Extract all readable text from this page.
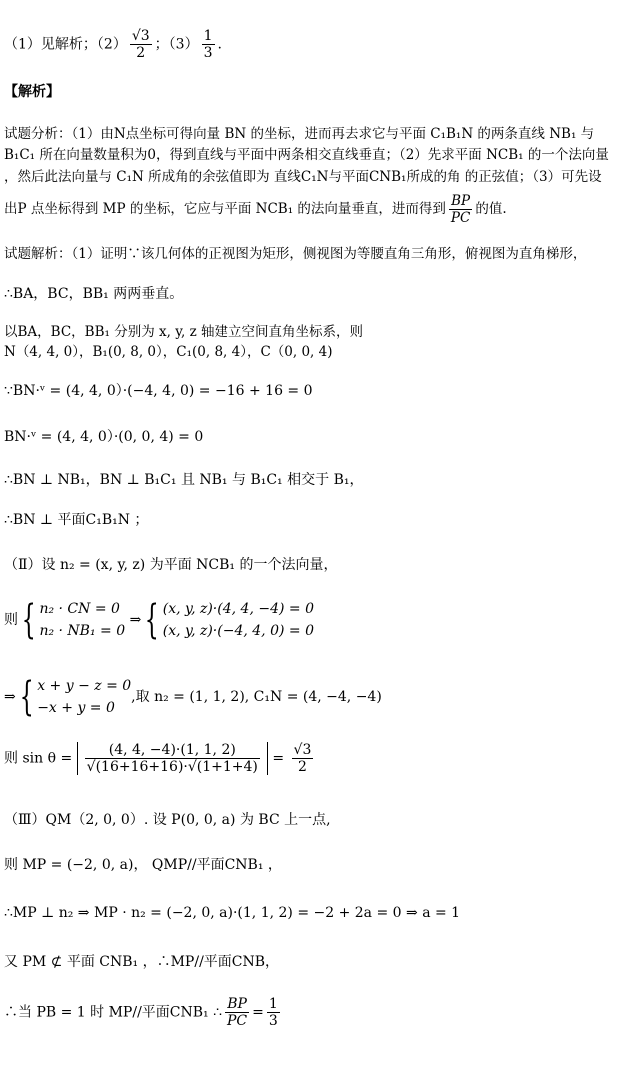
（1）见解析；$(2) \frac{√3}{2}$ ；$(3) \frac{1}{3}$ .
【解析】
试题分析：（1）由N点坐标可得向量 BN 的坐标，进而再去求它与平面 C₁B₁N 的两条直线 NB₁ 与
B₁C₁ 所在向量数量积为0，得到直线与平面中两条相交直线垂直；（2）先求平面 NCB₁ 的一个法向量
，然后此法向量与 C₁N 所成角的余弦值即为 直线C₁N与平面CNB₁所成的角 的正弦值；（3）可先设
出P 点坐标得到 MP 的坐标，它应与平面 NCB₁ 的法向量垂直，进而得到 $\frac{BP}{PC}$ 的值.
试题解析：（1）证明∵该几何体的正视图为矩形，侧视图为等腰直角三角形，俯视图为直角梯形，
∴BA，BC，BB₁ 两两垂直。
以BA，BC，BB₁ 分别为 x, y, z 轴建立空间直角坐标系，则
N（4, 4, 0），B₁(0, 8, 0），C₁(0, 8, 4），C（0, 0, 4)
∵BN·ᵛ = (4, 4, 0）·(−4, 4, 0) = −16 + 16 = 0
BN·ᵛ = (4, 4, 0）·(0, 0, 4) = 0
∴BN ⊥ NB₁，BN ⊥ B₁C₁ 且 NB₁ 与 B₁C₁ 相交于 B₁，
∴BN ⊥ 平面C₁B₁N ；
（Ⅱ）设 n₂ = (x, y, z) 为平面 NCB₁ 的一个法向量，
则{ n₂ · CN = 0
n₂ · NB₁ = 0
⇒{ (x, y, z)·(4, 4, −4) = 0
(x, y, z)·(−4, 4, 0) = 0
⇒{ x + y − z = 0
−x + y = 0
,取 n₂ = (1, 1, 2), C₁N = (4, −4, −4)
则 $\sin \theta = \frac{(4, 4, -4)\cdot(1, 1, 2)}{√(16+16+16)\cdot√(1+1+4)} = \frac{√3}{2}$
（Ⅲ）QM（2, 0, 0）. 设 P(0, 0, a) 为 BC 上一点,
则 MP = (−2, 0, a)， QMP//平面CNB₁ ，
∴MP ⊥ n₂ ⇒ MP · n₂ = (−2, 0, a)·(1, 1, 2) = −2 + 2a = 0 ⇒ a = 1
又 PM ⊄ 平面 CNB₁ ，∴MP//平面CNB，
∴当 PB = 1 时 MP//平面CNB₁ ∴ $\frac{BP}{PC} = \frac{1}{3}$
